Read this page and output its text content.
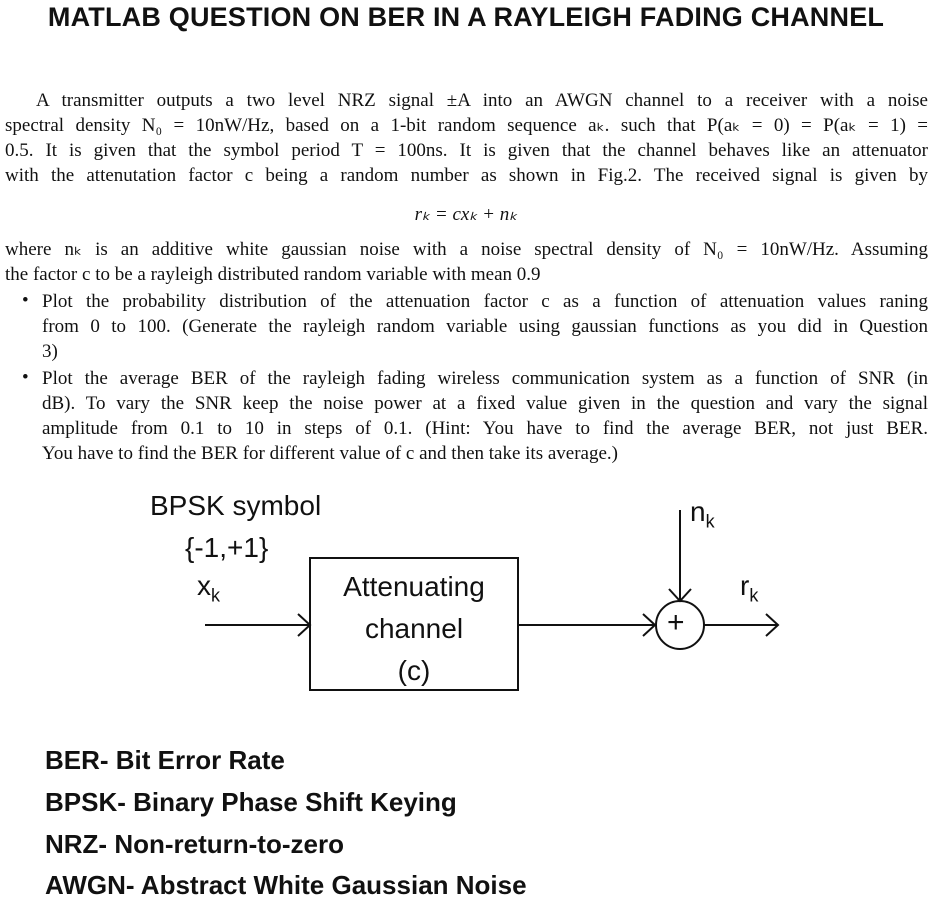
MATLAB QUESTION ON BER IN A RAYLEIGH FADING CHANNEL
A transmitter outputs a two level NRZ signal ±A into an AWGN channel to a receiver with a noise
spectral density N₀ = 10nW/Hz, based on a 1-bit random sequence aₖ. such that P(aₖ = 0) = P(aₖ = 1) =
0.5. It is given that the symbol period T = 100ns. It is given that the channel behaves like an attenuator
with the attenutation factor c being a random number as shown in Fig.2. The received signal is given by
rₖ = cxₖ + nₖ
where nₖ is an additive white gaussian noise with a noise spectral density of N₀ = 10nW/Hz. Assuming
the factor c to be a rayleigh distributed random variable with mean 0.9
• Plot the probability distribution of the attenuation factor c as a function of attenuation values raning
from 0 to 100. (Generate the rayleigh random variable using gaussian functions as you did in Question
3)
• Plot the average BER of the rayleigh fading wireless communication system as a function of SNR (in
dB). To vary the SNR keep the noise power at a fixed value given in the question and vary the signal
amplitude from 0.1 to 10 in steps of 0.1. (Hint: You have to find the average BER, not just BER.
You have to find the BER for different value of c and then take its average.)
BPSK symbol
{-1,+1}
$x_k$	Attenuating
channel
(c)
$n_k$
+
$r_k$
BER- Bit Error Rate
BPSK- Binary Phase Shift Keying
NRZ- Non-return-to-zero
AWGN- Abstract White Gaussian Noise
